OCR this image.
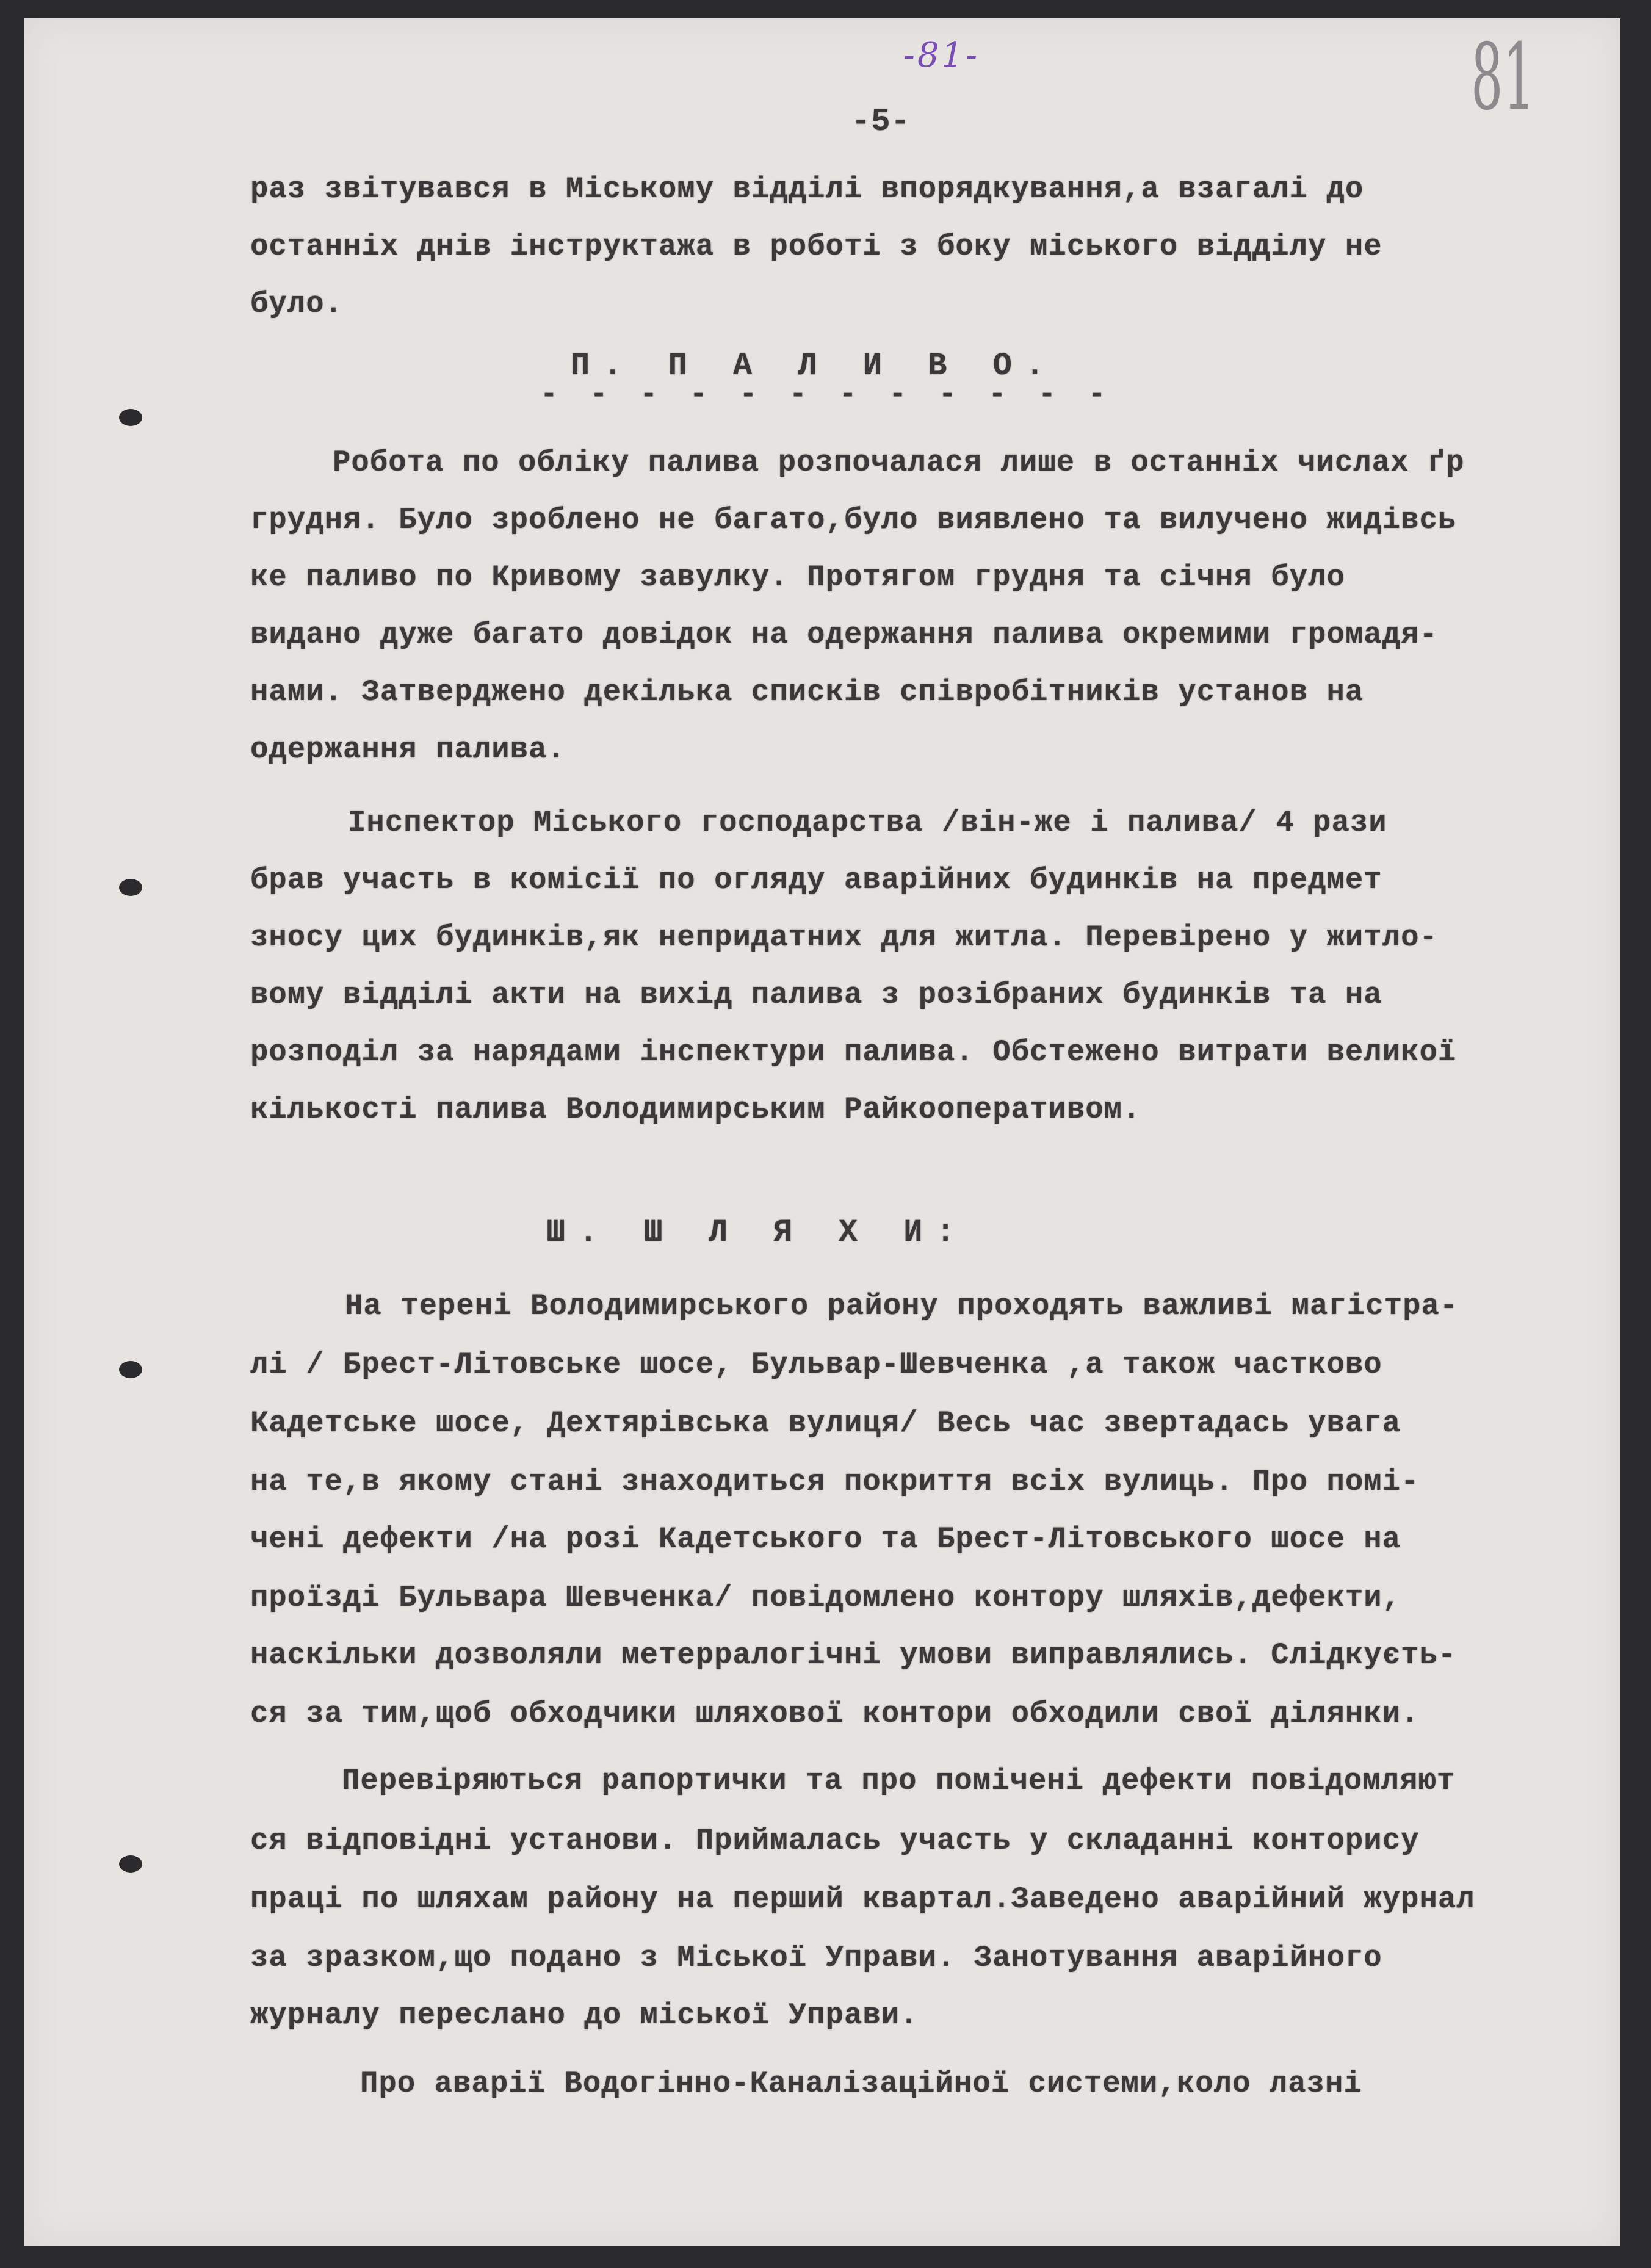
-81-	81
-5-
раз звітувався в Міському відділі впорядкування,а взагалі до
останніх днів інструктажа в роботі з боку міського відділу не
було.
П. П А Л И В О.
- - - - - - - - - - - -
Робота по обліку палива розпочалася лише в останніх числах ґр
грудня. Було зроблено не багато,було виявлено та вилучено жидівсь
ке паливо по Кривому завулку. Протягом грудня та січня було
видано дуже багато довідок на одержання палива окремими громадя-
нами. Затверджено декілька списків співробітників установ на
одержання палива.
Інспектор Міського господарства /він-же і палива/ 4 рази
брав участь в комісії по огляду аварійних будинків на предмет
зносу цих будинків,як непридатних для житла. Перевірено у житло-
вому відділі акти на вихід палива з розібраних будинків та на
розподіл за нарядами інспектури палива. Обстежено витрати великої
кількості палива Володимирським Райкооперативом.
Ш. Ш Л Я Х И:
На терені Володимирського району проходять важливі магістра-
лі / Брест-Літовське шосе, Бульвар-Шевченка ,а також частково
Кадетське шосе, Дехтярівська вулиця/ Весь час звертадась увага
на те,в якому стані знаходиться покриття всіх вулиць. Про помі-
чені дефекти /на розі Кадетського та Брест-Літовського шосе на
проїзді Бульвара Шевченка/ повідомлено контору шляхів,дефекти,
наскільки дозволяли метерралогічні умови виправлялись. Слідкуєть-
ся за тим,щоб обходчики шляхової контори обходили свої ділянки.
Перевіряються рапортички та про помічені дефекти повідомляют
ся відповідні установи. Приймалась участь у складанні конторису
праці по шляхам району на перший квартал.Заведено аварійний журнал
за зразком,що подано з Міської Управи. Занотування аварійного
журналу переслано до міської Управи.
Про аварії Водогінно-Каналізаційної системи,коло лазні
